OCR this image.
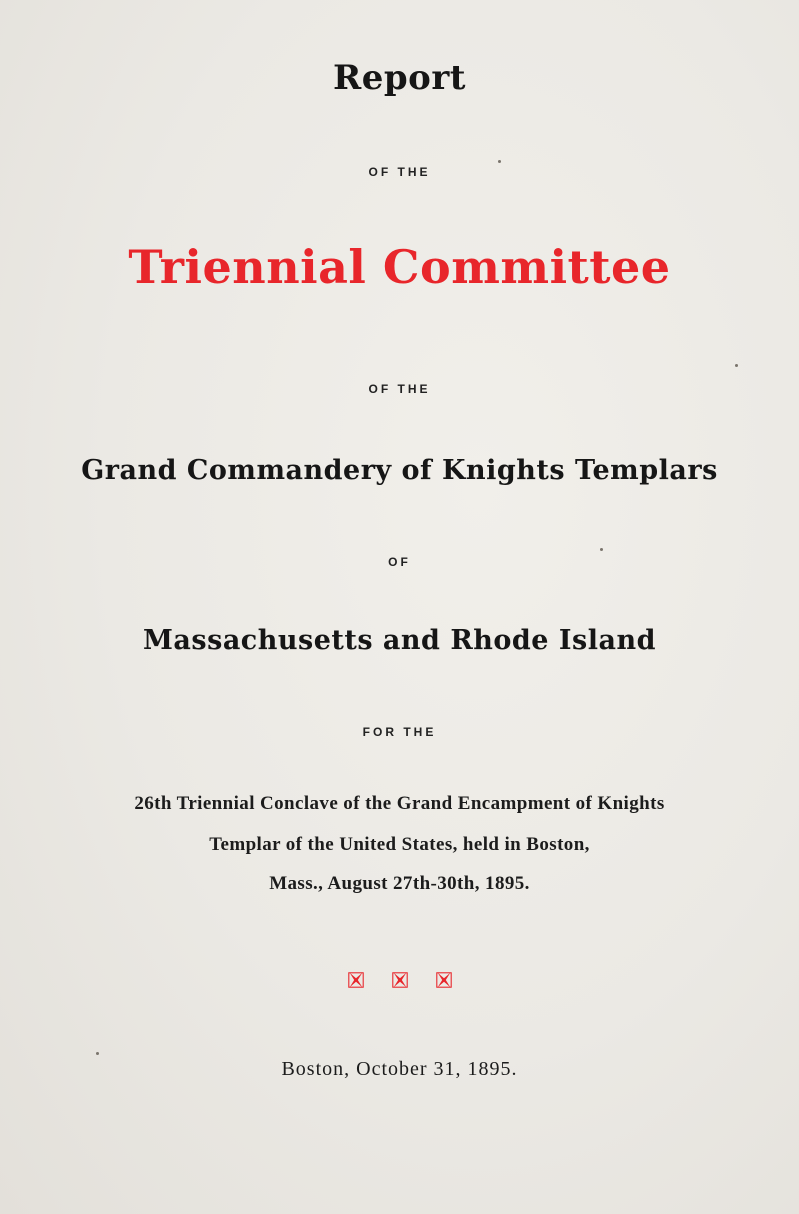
Report
OF THE
Triennial Committee
OF THE
Grand Commandery of Knights Templars
OF
Massachusetts and Rhode Island
FOR THE
26th Triennial Conclave of the Grand Encampment of Knights
Templar of the United States, held in Boston,
Mass., August 27th-30th, 1895.
Boston, October 31, 1895.
